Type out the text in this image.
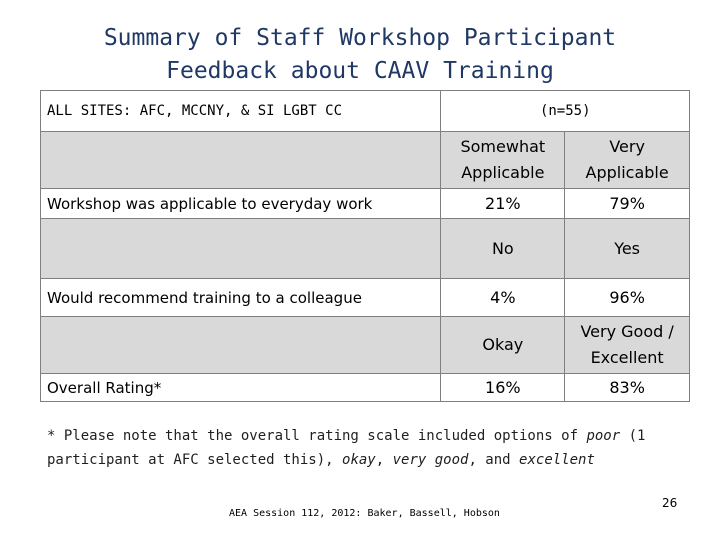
Summary of Staff Workshop Participant
Feedback about CAAV Training
ALL SITES: AFC, MCCNY, & SI LGBT CC	(n=55)	
	Somewhat Applicable	Very Applicable
Workshop was applicable to everyday work	21%	79%
	No	Yes
Would recommend training to a colleague	4%	96%
	Okay	Very Good / Excellent
Overall Rating*	16%	83%
* Please note that the overall rating scale included options of poor (1 participant at AFC selected this), okay, very good, and excellent
AEA Session 112, 2012: Baker, Bassell, Hobson
26
